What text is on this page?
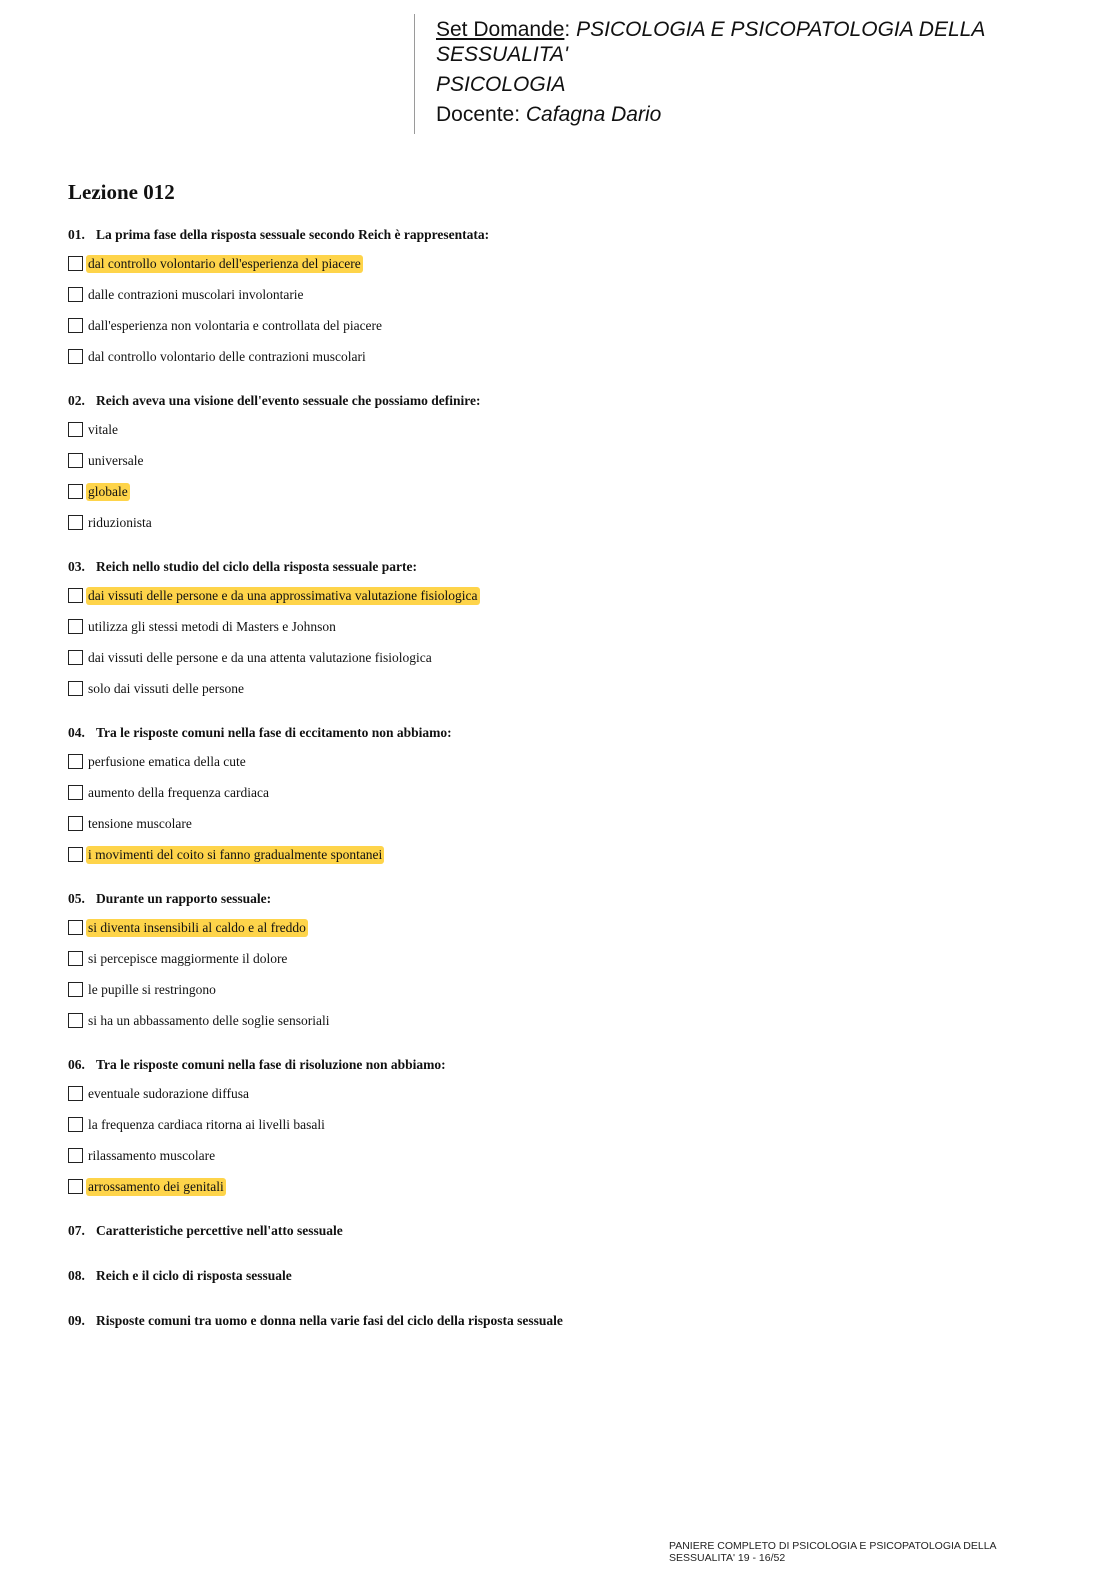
Set Domande: PSICOLOGIA E PSICOPATOLOGIA DELLA
SESSUALITA'
PSICOLOGIA
Docente: Cafagna Dario
Lezione 012
01. La prima fase della risposta sessuale secondo Reich è rappresentata:
dal controllo volontario dell'esperienza del piacere
dalle contrazioni muscolari involontarie
dall'esperienza non volontaria e controllata del piacere
dal controllo volontario delle contrazioni muscolari
02. Reich aveva una visione dell'evento sessuale che possiamo definire:
vitale
universale
globale
riduzionista
03. Reich nello studio del ciclo della risposta sessuale parte:
dai vissuti delle persone e da una approssimativa valutazione fisiologica
utilizza gli stessi metodi di Masters e Johnson
dai vissuti delle persone e da una attenta valutazione fisiologica
solo dai vissuti delle persone
04. Tra le risposte comuni nella fase di eccitamento non abbiamo:
perfusione ematica della cute
aumento della frequenza cardiaca
tensione muscolare
i movimenti del coito si fanno gradualmente spontanei
05. Durante un rapporto sessuale:
si diventa insensibili al caldo e al freddo
si percepisce maggiormente il dolore
le pupille si restringono
si ha un abbassamento delle soglie sensoriali
06. Tra le risposte comuni nella fase di risoluzione non abbiamo:
eventuale sudorazione diffusa
la frequenza cardiaca ritorna ai livelli basali
rilassamento muscolare
arrossamento dei genitali
07. Caratteristiche percettive nell'atto sessuale
08. Reich e il ciclo di risposta sessuale
09. Risposte comuni tra uomo e donna nella varie fasi del ciclo della risposta sessuale
PANIERE COMPLETO DI PSICOLOGIA E PSICOPATOLOGIA DELLA
SESSUALITA' 19 - 16/52
